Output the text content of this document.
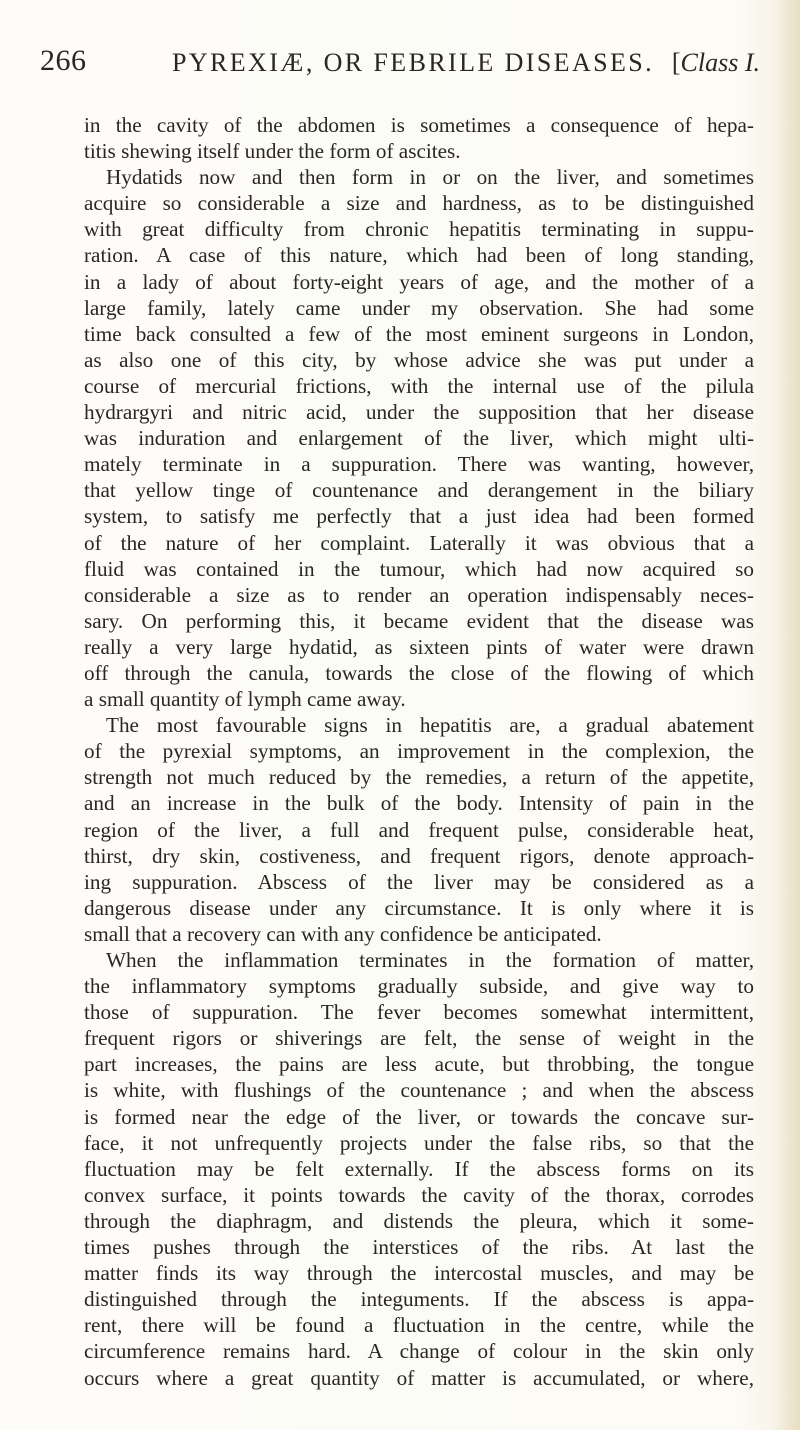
266	PYREXIÆ, OR FEBRILE DISEASES. [Class I.
in the cavity of the abdomen is sometimes a consequence of hepa-
titis shewing itself under the form of ascites.
Hydatids now and then form in or on the liver, and sometimes
acquire so considerable a size and hardness, as to be distinguished
with great difficulty from chronic hepatitis terminating in suppu-
ration. A case of this nature, which had been of long standing,
in a lady of about forty-eight years of age, and the mother of a
large family, lately came under my observation. She had some
time back consulted a few of the most eminent surgeons in London,
as also one of this city, by whose advice she was put under a
course of mercurial frictions, with the internal use of the pilula
hydrargyri and nitric acid, under the supposition that her disease
was induration and enlargement of the liver, which might ulti-
mately terminate in a suppuration. There was wanting, however,
that yellow tinge of countenance and derangement in the biliary
system, to satisfy me perfectly that a just idea had been formed
of the nature of her complaint. Laterally it was obvious that a
fluid was contained in the tumour, which had now acquired so
considerable a size as to render an operation indispensably neces-
sary. On performing this, it became evident that the disease was
really a very large hydatid, as sixteen pints of water were drawn
off through the canula, towards the close of the flowing of which
a small quantity of lymph came away.
The most favourable signs in hepatitis are, a gradual abatement
of the pyrexial symptoms, an improvement in the complexion, the
strength not much reduced by the remedies, a return of the appetite,
and an increase in the bulk of the body. Intensity of pain in the
region of the liver, a full and frequent pulse, considerable heat,
thirst, dry skin, costiveness, and frequent rigors, denote approach-
ing suppuration. Abscess of the liver may be considered as a
dangerous disease under any circumstance. It is only where it is
small that a recovery can with any confidence be anticipated.
When the inflammation terminates in the formation of matter,
the inflammatory symptoms gradually subside, and give way to
those of suppuration. The fever becomes somewhat intermittent,
frequent rigors or shiverings are felt, the sense of weight in the
part increases, the pains are less acute, but throbbing, the tongue
is white, with flushings of the countenance ; and when the abscess
is formed near the edge of the liver, or towards the concave sur-
face, it not unfrequently projects under the false ribs, so that the
fluctuation may be felt externally. If the abscess forms on its
convex surface, it points towards the cavity of the thorax, corrodes
through the diaphragm, and distends the pleura, which it some-
times pushes through the interstices of the ribs. At last the
matter finds its way through the intercostal muscles, and may be
distinguished through the integuments. If the abscess is appa-
rent, there will be found a fluctuation in the centre, while the
circumference remains hard. A change of colour in the skin only
occurs where a great quantity of matter is accumulated, or where,
